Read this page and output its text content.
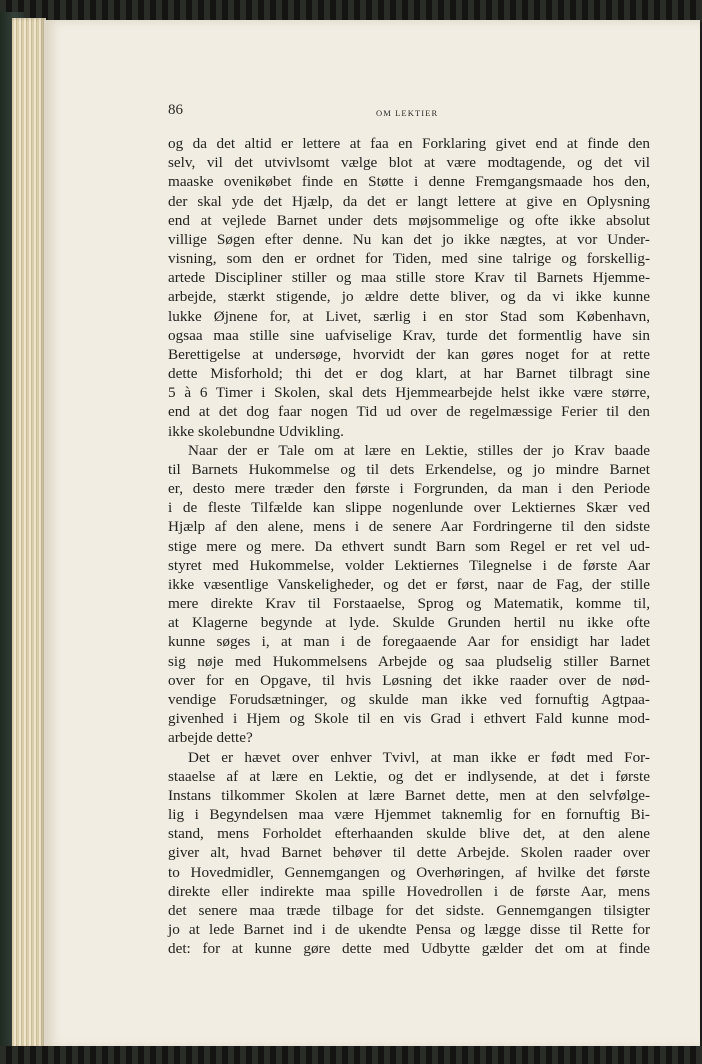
86	OM LEKTIER
og da det altid er lettere at faa en Forklaring givet end at finde den
selv, vil det utvivlsomt vælge blot at være modtagende, og det vil
maaske ovenikøbet finde en Støtte i denne Fremgangsmaade hos den,
der skal yde det Hjælp, da det er langt lettere at give en Oplysning
end at vejlede Barnet under dets møjsommelige og ofte ikke absolut
villige Søgen efter denne. Nu kan det jo ikke nægtes, at vor Under-
visning, som den er ordnet for Tiden, med sine talrige og forskellig-
artede Discipliner stiller og maa stille store Krav til Barnets Hjemme-
arbejde, stærkt stigende, jo ældre dette bliver, og da vi ikke kunne
lukke Øjnene for, at Livet, særlig i en stor Stad som København,
ogsaa maa stille sine uafviselige Krav, turde det formentlig have sin
Berettigelse at undersøge, hvorvidt der kan gøres noget for at rette
dette Misforhold; thi det er dog klart, at har Barnet tilbragt sine
5 à 6 Timer i Skolen, skal dets Hjemmearbejde helst ikke være større,
end at det dog faar nogen Tid ud over de regelmæssige Ferier til den
ikke skolebundne Udvikling.
Naar der er Tale om at lære en Lektie, stilles der jo Krav baade
til Barnets Hukommelse og til dets Erkendelse, og jo mindre Barnet
er, desto mere træder den første i Forgrunden, da man i den Periode
i de fleste Tilfælde kan slippe nogenlunde over Lektiernes Skær ved
Hjælp af den alene, mens i de senere Aar Fordringerne til den sidste
stige mere og mere. Da ethvert sundt Barn som Regel er ret vel ud-
styret med Hukommelse, volder Lektiernes Tilegnelse i de første Aar
ikke væsentlige Vanskeligheder, og det er først, naar de Fag, der stille
mere direkte Krav til Forstaaelse, Sprog og Matematik, komme til,
at Klagerne begynde at lyde. Skulde Grunden hertil nu ikke ofte
kunne søges i, at man i de foregaaende Aar for ensidigt har ladet
sig nøje med Hukommelsens Arbejde og saa pludselig stiller Barnet
over for en Opgave, til hvis Løsning det ikke raader over de nød-
vendige Forudsætninger, og skulde man ikke ved fornuftig Agtpaa-
givenhed i Hjem og Skole til en vis Grad i ethvert Fald kunne mod-
arbejde dette?
Det er hævet over enhver Tvivl, at man ikke er født med For-
staaelse af at lære en Lektie, og det er indlysende, at det i første
Instans tilkommer Skolen at lære Barnet dette, men at den selvfølge-
lig i Begyndelsen maa være Hjemmet taknemlig for en fornuftig Bi-
stand, mens Forholdet efterhaanden skulde blive det, at den alene
giver alt, hvad Barnet behøver til dette Arbejde. Skolen raader over
to Hovedmidler, Gennemgangen og Overhøringen, af hvilke det første
direkte eller indirekte maa spille Hovedrollen i de første Aar, mens
det senere maa træde tilbage for det sidste. Gennemgangen tilsigter
jo at lede Barnet ind i de ukendte Pensa og lægge disse til Rette for
det: for at kunne gøre dette med Udbytte gælder det om at finde
